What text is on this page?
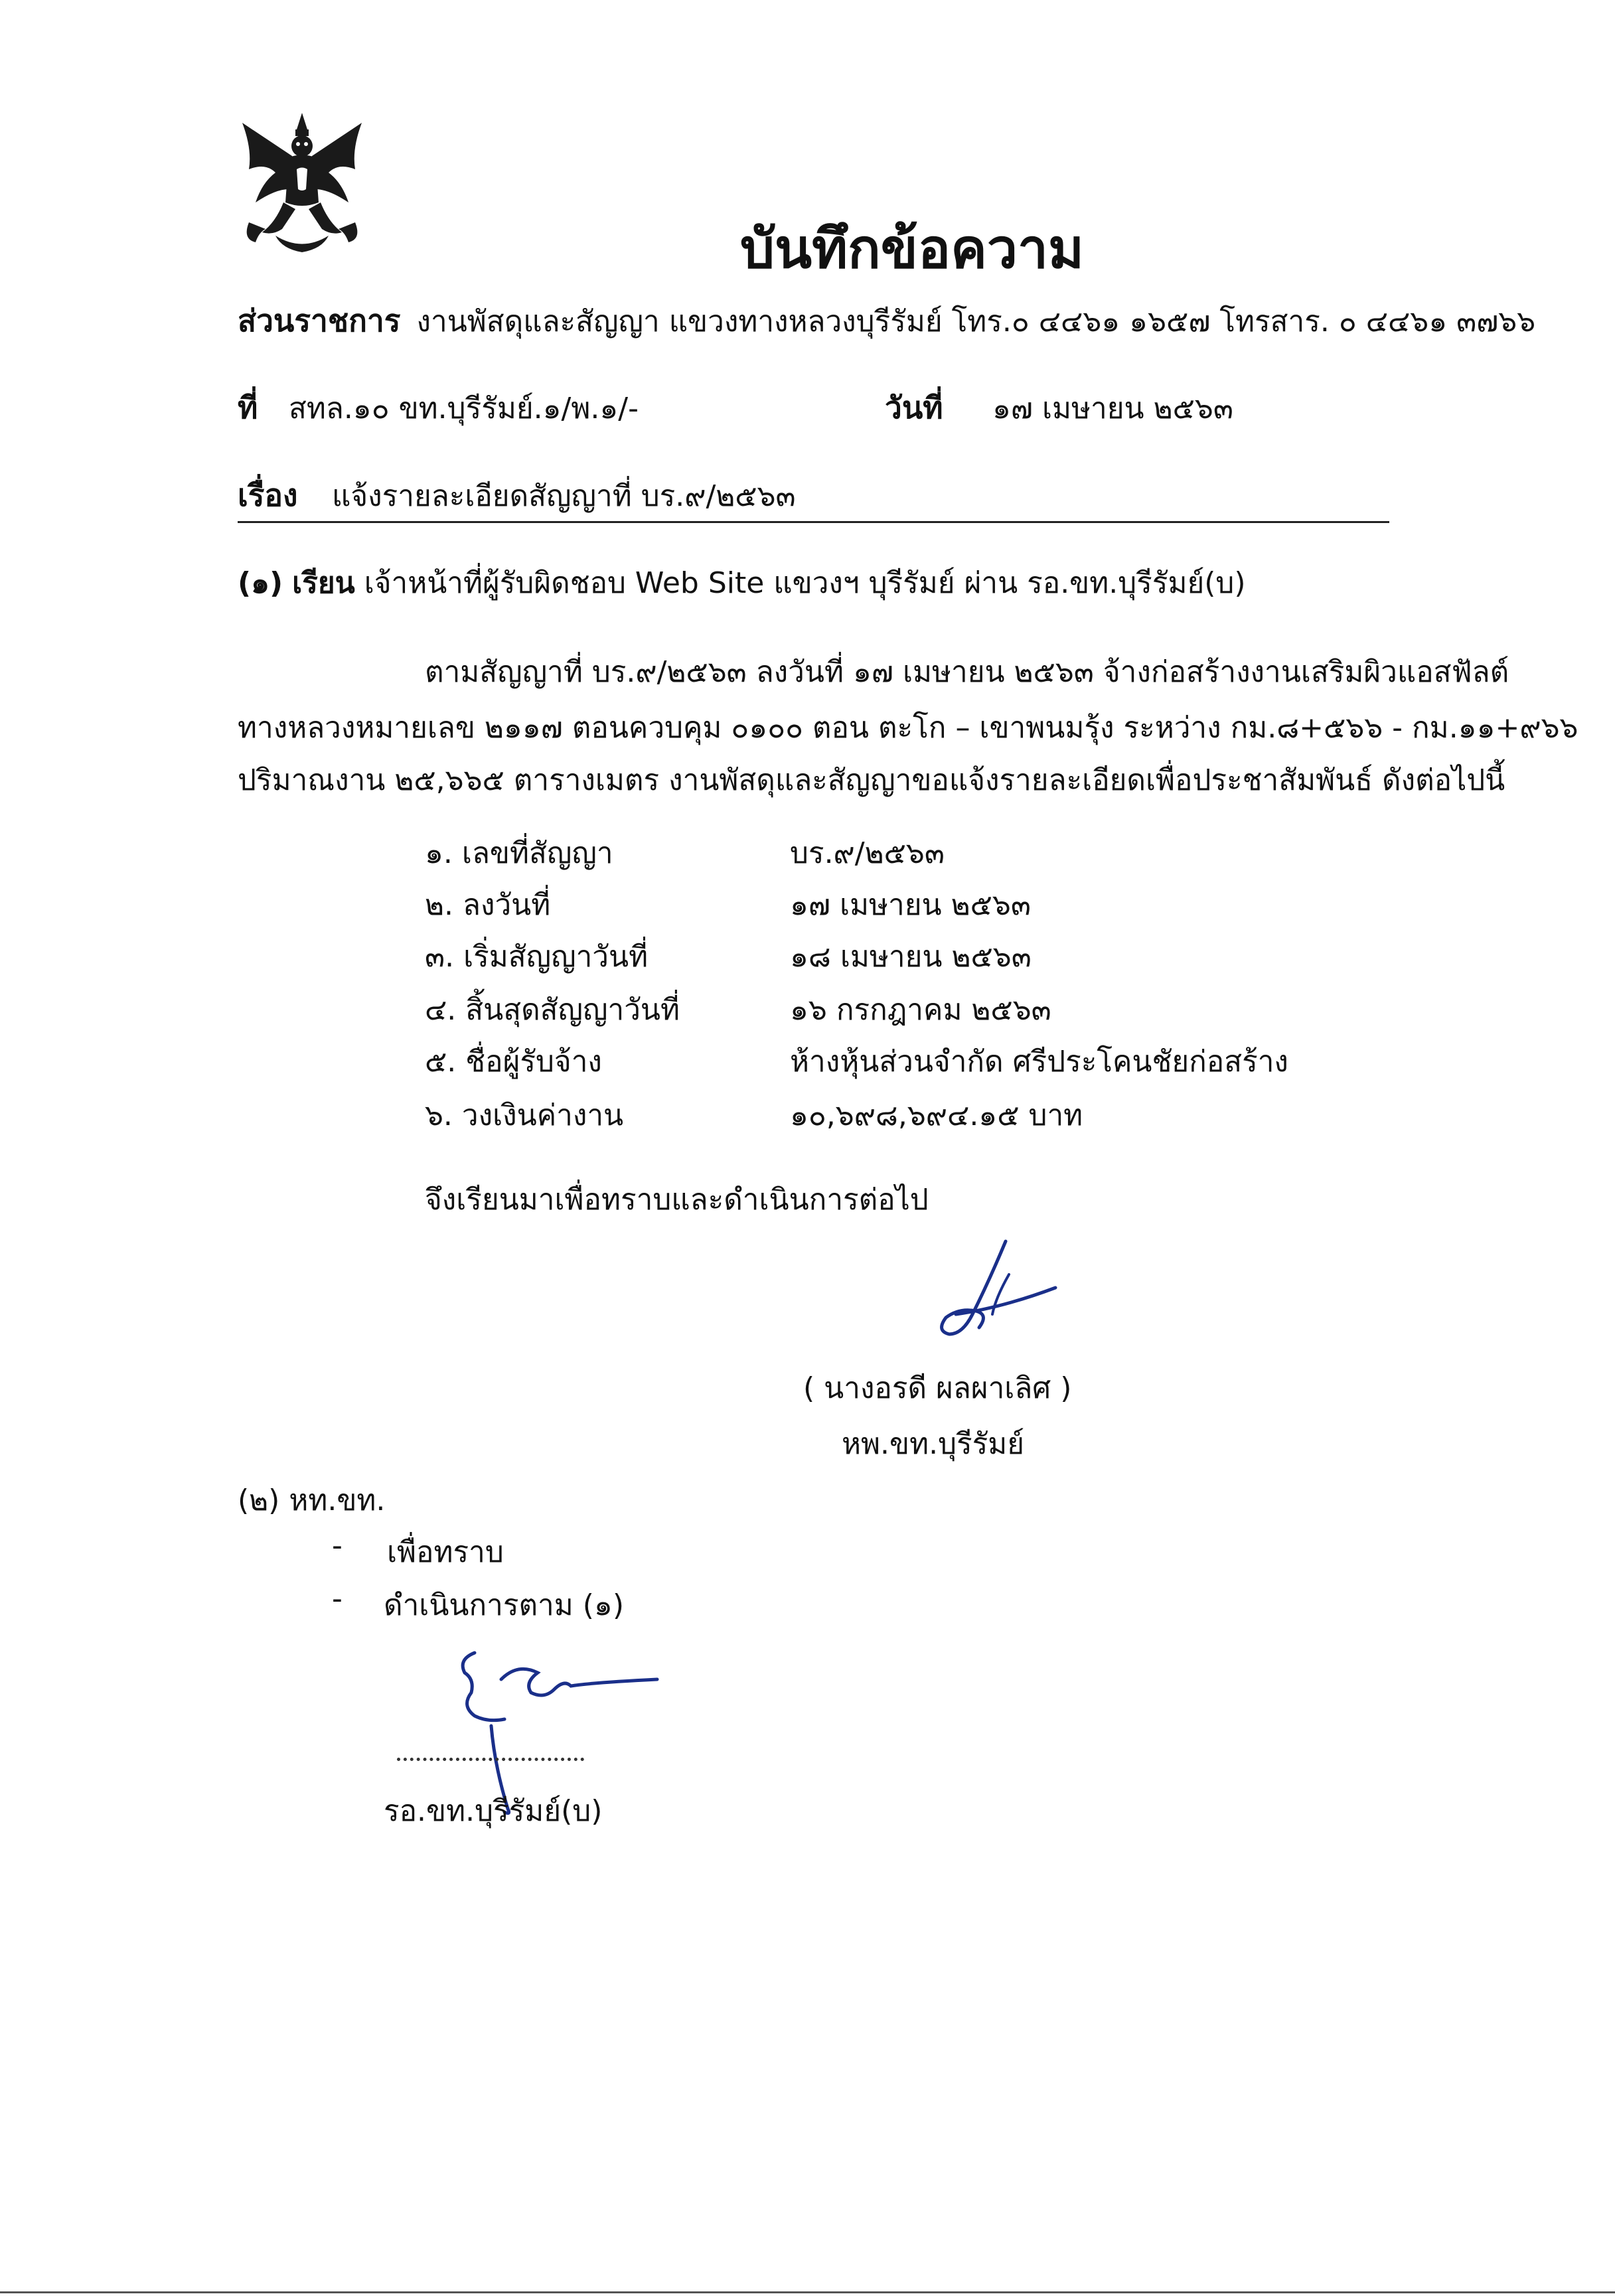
บันทึกข้อความ
ส่วนราชการ งานพัสดุและสัญญา แขวงทางหลวงบุรีรัมย์ โทร.๐ ๔๔๖๑ ๑๖๕๗ โทรสาร. ๐ ๔๔๖๑ ๓๗๖๖
ที่ สทล.๑๐ ขท.บุรีรัมย์.๑/พ.๑/-	วันที่ ๑๗ เมษายน ๒๕๖๓
เรื่อง แจ้งรายละเอียดสัญญาที่ บร.๙/๒๕๖๓
(๑) เรียน เจ้าหน้าที่ผู้รับผิดชอบ Web Site แขวงฯ บุรีรัมย์ ผ่าน รอ.ขท.บุรีรัมย์(บ)
ตามสัญญาที่ บร.๙/๒๕๖๓ ลงวันที่ ๑๗ เมษายน ๒๕๖๓ จ้างก่อสร้างงานเสริมผิวแอสฟัลต์
ทางหลวงหมายเลข ๒๑๑๗ ตอนควบคุม ๐๑๐๐ ตอน ตะโก – เขาพนมรุ้ง ระหว่าง กม.๘+๕๖๖ - กม.๑๑+๙๖๖
ปริมาณงาน ๒๕,๖๖๕ ตารางเมตร งานพัสดุและสัญญาขอแจ้งรายละเอียดเพื่อประชาสัมพันธ์ ดังต่อไปนี้
๑. เลขที่สัญญา	บร.๙/๒๕๖๓
๒. ลงวันที่	๑๗ เมษายน ๒๕๖๓
๓. เริ่มสัญญาวันที่	๑๘ เมษายน ๒๕๖๓
๔. สิ้นสุดสัญญาวันที่	๑๖ กรกฎาคม ๒๕๖๓
๕. ชื่อผู้รับจ้าง	ห้างหุ้นส่วนจำกัด ศรีประโคนชัยก่อสร้าง
๖. วงเงินค่างาน	๑๐,๖๙๘,๖๙๔.๑๕ บาท
จึงเรียนมาเพื่อทราบและดำเนินการต่อไป
( นางอรดี ผลผาเลิศ )
หพ.ขท.บุรีรัมย์
(๒) หท.ขท.
- เพื่อทราบ
- ดำเนินการตาม (๑)
รอ.ขท.บุรีรัมย์(บ)
